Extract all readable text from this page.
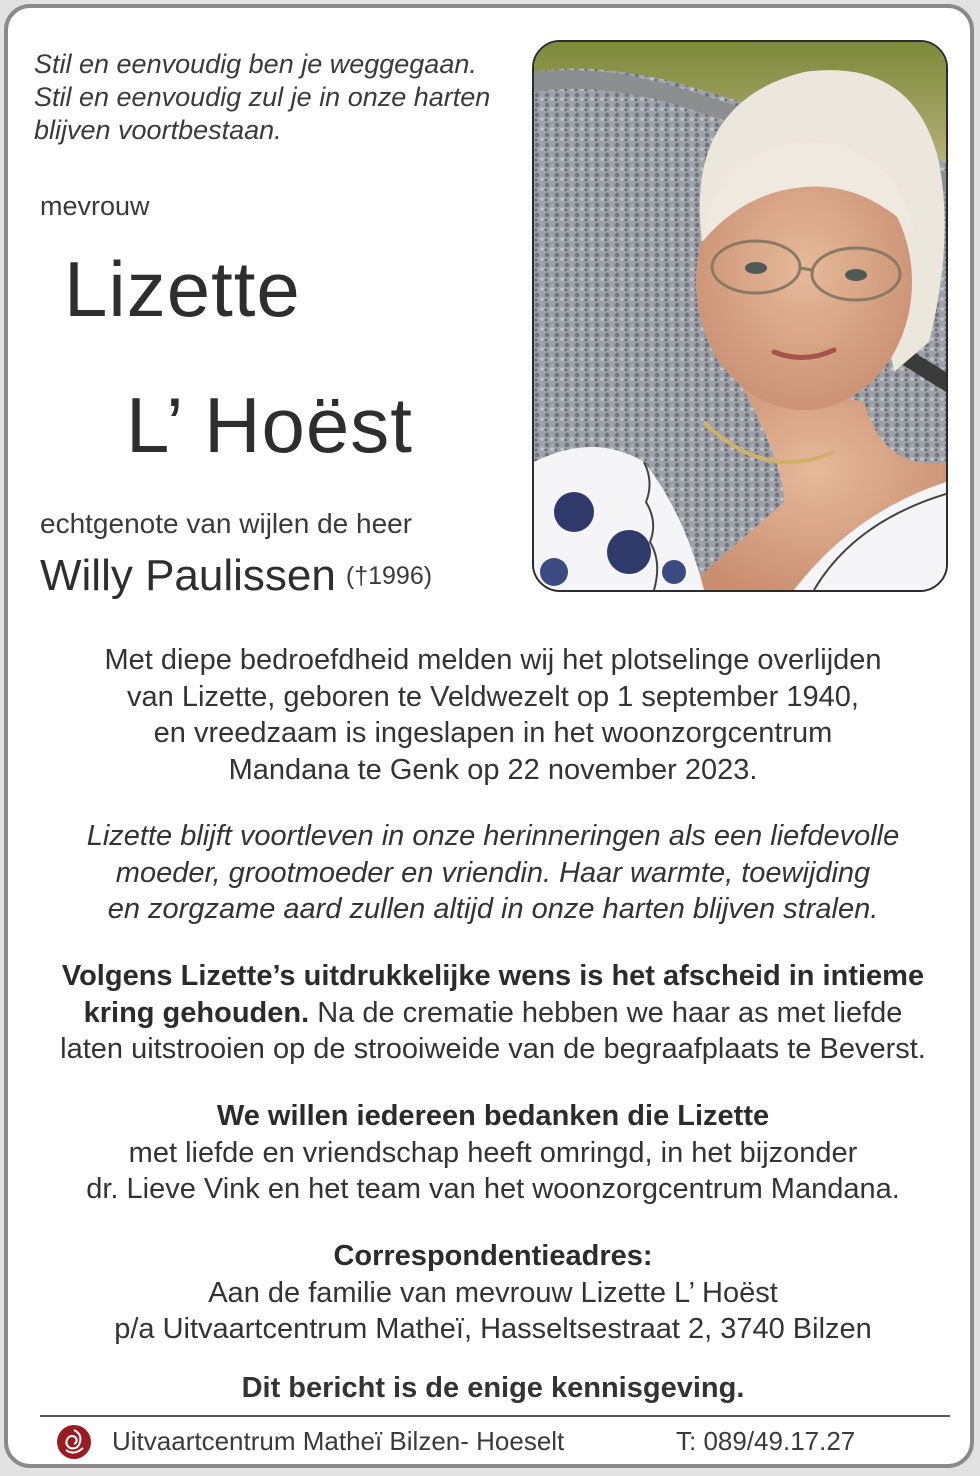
Stil en eenvoudig ben je weggegaan.
Stil en eenvoudig zul je in onze harten
blijven voortbestaan.
mevrouw
Lizette
L’ Hoëst
echtgenote van wijlen de heer
Willy Paulissen (†1996)
Met diepe bedroefdheid melden wij het plotselinge overlijden
van Lizette, geboren te Veldwezelt op 1 september 1940,
en vreedzaam is ingeslapen in het woonzorgcentrum
Mandana te Genk op 22 november 2023.
Lizette blijft voortleven in onze herinneringen als een liefdevolle
moeder, grootmoeder en vriendin. Haar warmte, toewijding
en zorgzame aard zullen altijd in onze harten blijven stralen.
Volgens Lizette’s uitdrukkelijke wens is het afscheid in intieme
kring gehouden. Na de crematie hebben we haar as met liefde
laten uitstrooien op de strooiweide van de begraafplaats te Beverst.
We willen iedereen bedanken die Lizette
met liefde en vriendschap heeft omringd, in het bijzonder
dr. Lieve Vink en het team van het woonzorgcentrum Mandana.
Correspondentieadres:
Aan de familie van mevrouw Lizette L’ Hoëst
p/a Uitvaartcentrum Matheï, Hasseltsestraat 2, 3740 Bilzen
Dit bericht is de enige kennisgeving.
Uitvaartcentrum Matheï Bilzen- Hoeselt	T: 089/49.17.27
